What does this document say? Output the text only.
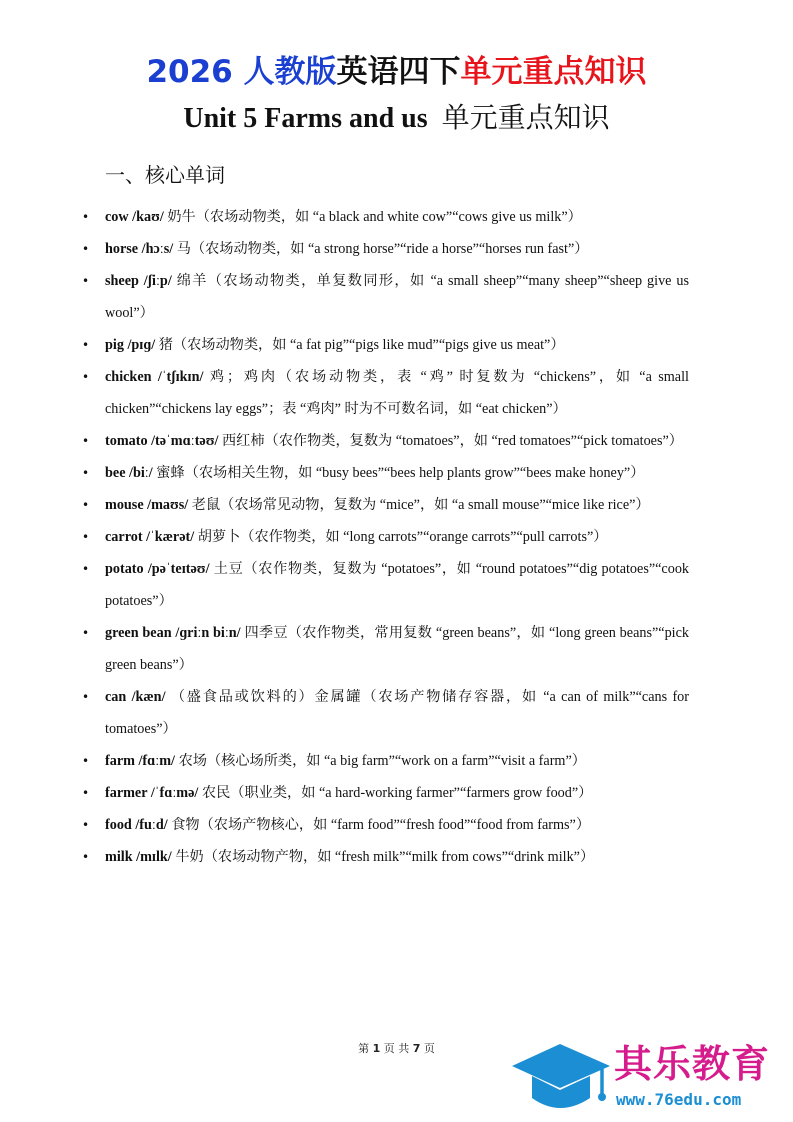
2026 人教版英语四下单元重点知识
Unit 5 Farms and us 单元重点知识
一、核心单词
• cow /kaʊ/ 奶牛（农场动物类，如 “a black and white cow”“cows give us milk”）
• horse /hɔːs/ 马（农场动物类，如 “a strong horse”“ride a horse”“horses run fast”）
• sheep /ʃiːp/ 绵羊（农场动物类，单复数同形，如 “a small sheep”“many sheep”“sheep give us wool”）
• pig /pɪɡ/ 猪（农场动物类，如 “a fat pig”“pigs like mud”“pigs give us meat”）
• chicken /ˈtʃɪkɪn/ 鸡；鸡肉（农场动物类，表 “鸡” 时复数为 “chickens”，如 “a small chicken”“chickens lay eggs”；表 “鸡肉” 时为不可数名词，如 “eat chicken”）
• tomato /təˈmɑːtəʊ/ 西红柿（农作物类，复数为 “tomatoes”，如 “red tomatoes”“pick tomatoes”）
• bee /biː/ 蜜蜂（农场相关生物，如 “busy bees”“bees help plants grow”“bees make honey”）
• mouse /maʊs/ 老鼠（农场常见动物，复数为 “mice”，如 “a small mouse”“mice like rice”）
• carrot /ˈkærət/ 胡萝卜（农作物类，如 “long carrots”“orange carrots”“pull carrots”）
• potato /pəˈteɪtəʊ/ 土豆（农作物类，复数为 “potatoes”，如 “round potatoes”“dig potatoes”“cook potatoes”）
• green bean /ɡriːn biːn/ 四季豆（农作物类，常用复数 “green beans”，如 “long green beans”“pick green beans”）
• can /kæn/ （盛食品或饮料的）金属罐（农场产物储存容器，如 “a can of milk”“cans for tomatoes”）
• farm /fɑːm/ 农场（核心场所类，如 “a big farm”“work on a farm”“visit a farm”）
• farmer /ˈfɑːmə/ 农民（职业类，如 “a hard-working farmer”“farmers grow food”）
• food /fuːd/ 食物（农场产物核心，如 “farm food”“fresh food”“food from farms”）
• milk /mɪlk/ 牛奶（农场动物产物，如 “fresh milk”“milk from cows”“drink milk”）
第 1 页 共 7 页	其乐教育
www.76edu.com
